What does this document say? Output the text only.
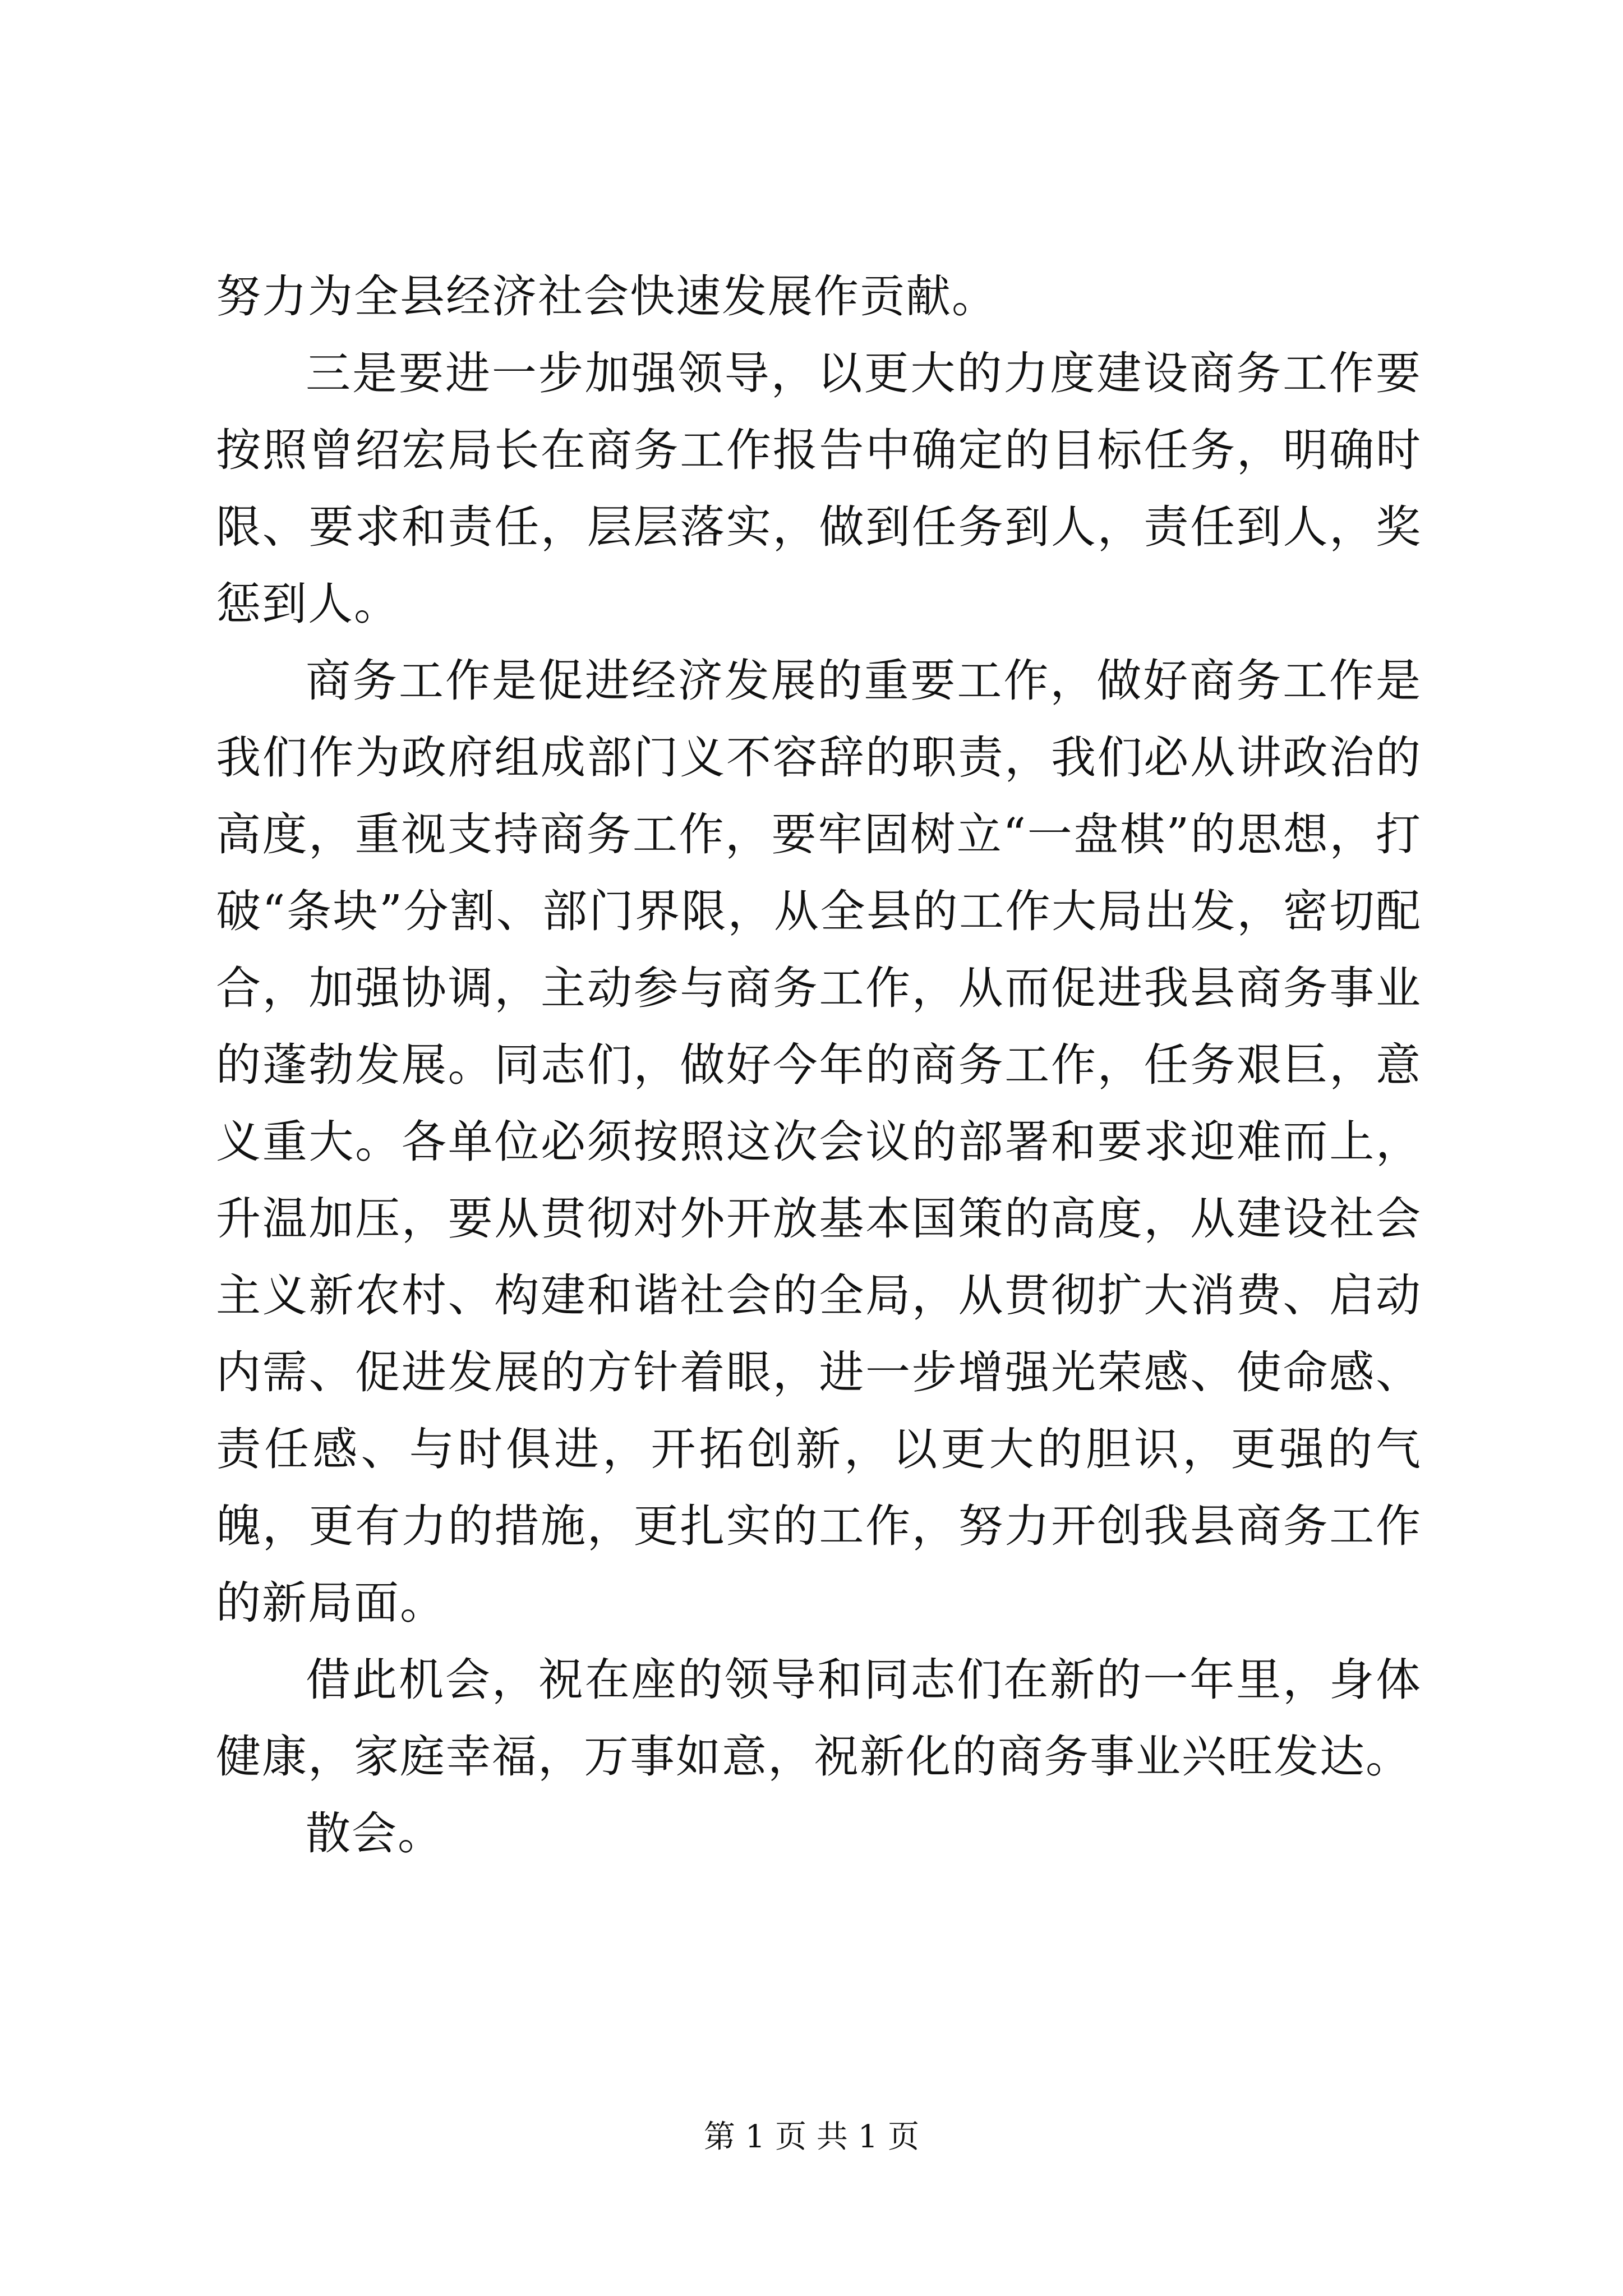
努力为全县经济社会快速发展作贡献。

三是要进一步加强领导，以更大的力度建设商务工作要按照曾绍宏局长在商务工作报告中确定的目标任务，明确时限、要求和责任，层层落实，做到任务到人，责任到人，奖惩到人。

商务工作是促进经济发展的重要工作，做好商务工作是我们作为政府组成部门义不容辞的职责，我们必从讲政治的高度，重视支持商务工作，要牢固树立“一盘棋”的思想，打破“条块”分割、部门界限，从全县的工作大局出发，密切配合，加强协调，主动参与商务工作，从而促进我县商务事业的蓬勃发展。同志们，做好今年的商务工作，任务艰巨，意义重大。各单位必须按照这次会议的部署和要求迎难而上，升温加压，要从贯彻对外开放基本国策的高度，从建设社会主义新农村、构建和谐社会的全局，从贯彻扩大消费、启动内需、促进发展的方针着眼，进一步增强光荣感、使命感、责任感、与时俱进，开拓创新，以更大的胆识，更强的气魄，更有力的措施，更扎实的工作，努力开创我县商务工作的新局面。

借此机会，祝在座的领导和同志们在新的一年里，身体健康，家庭幸福，万事如意，祝新化的商务事业兴旺发达。

散会。

第 1 页 共 1 页
